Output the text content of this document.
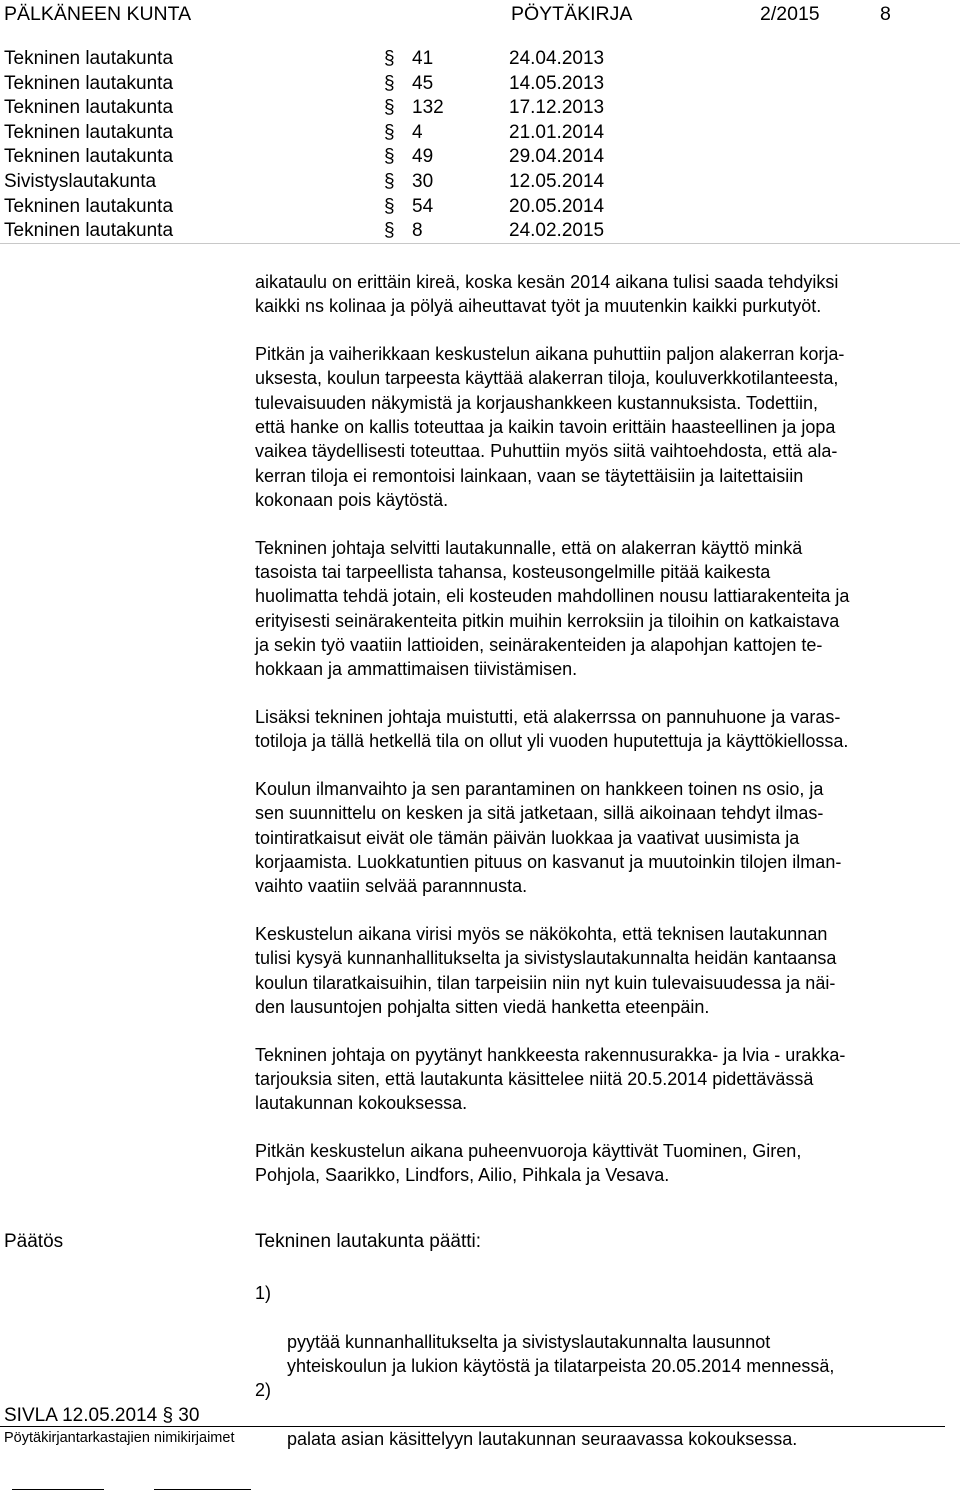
PÄLKÄNEEN KUNTA	PÖYTÄKIRJA	2/2015	8
Tekninen lautakunta	§ 41	24.04.2013
Tekninen lautakunta	§ 45	14.05.2013
Tekninen lautakunta	§ 132	17.12.2013
Tekninen lautakunta	§ 4	21.01.2014
Tekninen lautakunta	§ 49	29.04.2014
Sivistyslautakunta	§ 30	12.05.2014
Tekninen lautakunta	§ 54	20.05.2014
Tekninen lautakunta	§ 8	24.02.2015

aikataulu on erittäin kireä, koska kesän 2014 aikana tulisi saada tehdyiksi
kaikki ns kolinaa ja pölyä aiheuttavat työt ja muutenkin kaikki purkutyöt.

Pitkän ja vaiherikkaan keskustelun aikana puhuttiin paljon alakerran korja-
uksesta, koulun tarpeesta käyttää alakerran tiloja, kouluverkkotilanteesta,
tulevaisuuden näkymistä ja korjaushankkeen kustannuksista. Todettiin,
että hanke on kallis toteuttaa ja kaikin tavoin erittäin haasteellinen ja jopa
vaikea täydellisesti toteuttaa. Puhuttiin myös siitä vaihtoehdosta, että ala-
kerran tiloja ei remontoisi lainkaan, vaan se täytettäisiin ja laitettaisiin
kokonaan pois käytöstä.

Tekninen johtaja selvitti lautakunnalle, että on alakerran käyttö minkä
tasoista tai tarpeellista tahansa, kosteusongelmille pitää kaikesta
huolimatta tehdä jotain, eli kosteuden mahdollinen nousu lattiarakenteita ja
erityisesti seinärakenteita pitkin muihin kerroksiin ja tiloihin on katkaistava
ja sekin työ vaatiin lattioiden, seinärakenteiden ja alapohjan kattojen te-
hokkaan ja ammattimaisen tiivistämisen.

Lisäksi tekninen johtaja muistutti, etä alakerrssa on pannuhuone ja varas-
totiloja ja tällä hetkellä tila on ollut yli vuoden huputettuja ja käyttökiellossa.

Koulun ilmanvaihto ja sen parantaminen on hankkeen toinen ns osio, ja
sen suunnittelu on kesken ja sitä jatketaan, sillä aikoinaan tehdyt ilmas-
tointiratkaisut eivät ole tämän päivän luokkaa ja vaativat uusimista ja
korjaamista. Luokkatuntien pituus on kasvanut ja muutoinkin tilojen ilman-
vaihto vaatiin selvää parannnusta.

Keskustelun aikana virisi myös se näkökohta, että teknisen lautakunnan
tulisi kysyä kunnanhallitukselta ja sivistyslautakunnalta heidän kantaansa
koulun tilaratkaisuihin, tilan tarpeisiin niin nyt kuin tulevaisuudessa ja näi-
den lausuntojen pohjalta sitten viedä hanketta eteenpäin.

Tekninen johtaja on pyytänyt hankkeesta rakennusurakka- ja lvia - urakka-
tarjouksia siten, että lautakunta käsittelee niitä 20.5.2014 pidettävässä
lautakunnan kokouksessa.

Pitkän keskustelun aikana puheenvuoroja käyttivät Tuominen, Giren,
Pohjola, Saarikko, Lindfors, Ailio, Pihkala ja Vesava.

Päätös	Tekninen lautakunta päätti:

1)

pyytää kunnanhallitukselta ja sivistyslautakunnalta lausunnot
yhteiskoulun ja lukion käytöstä ja tilatarpeista 20.05.2014 mennessä,

2)

palata asian käsittelyyn lautakunnan seuraavassa kokouksessa.

SIVLA 12.05.2014 § 30
Pöytäkirjantarkastajien nimikirjaimet
